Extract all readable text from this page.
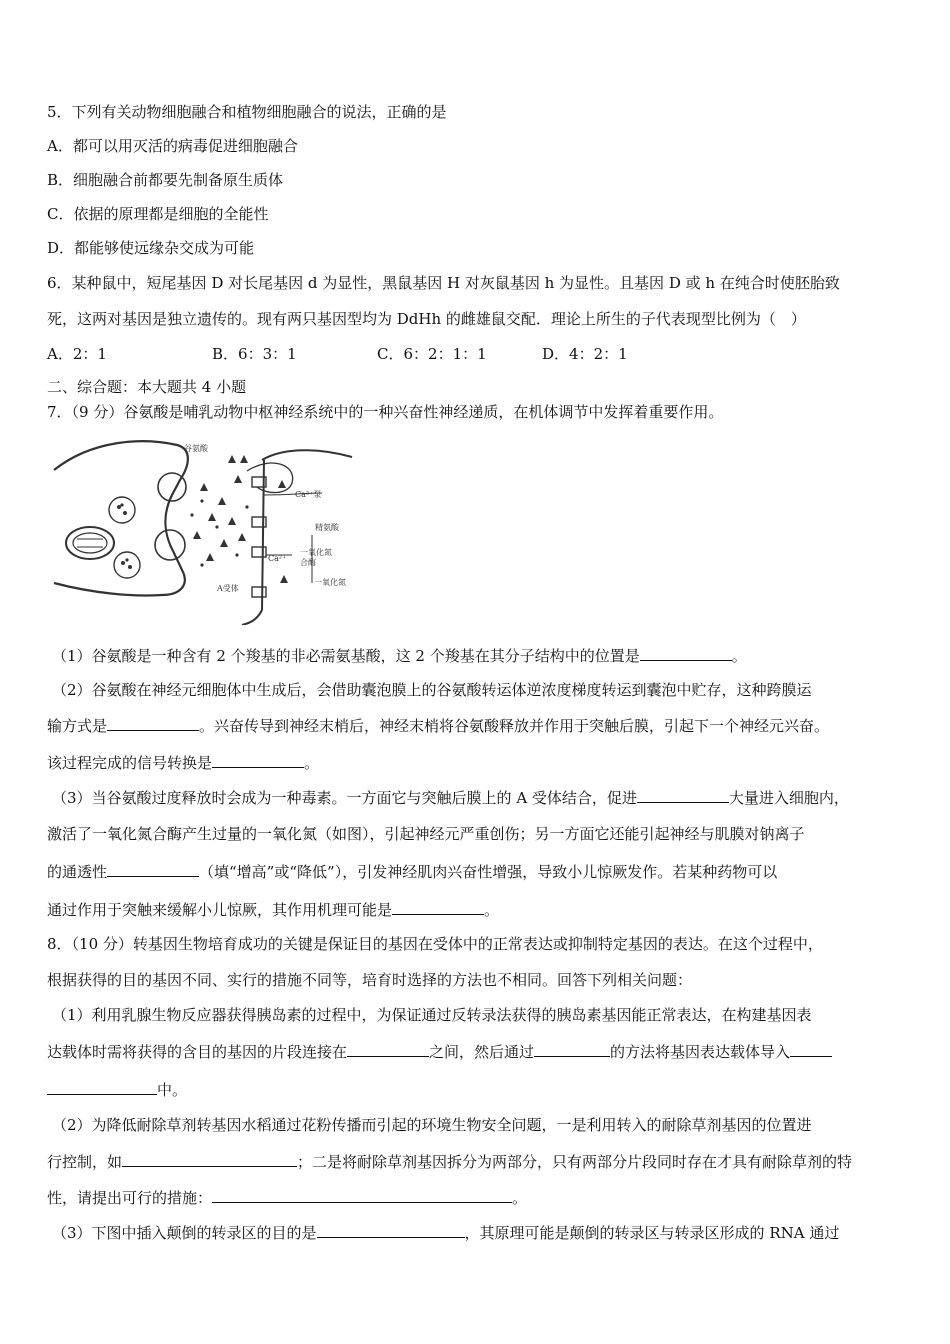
5．下列有关动物细胞融合和植物细胞融合的说法，正确的是
A．都可以用灭活的病毒促进细胞融合
B．细胞融合前都要先制备原生质体
C．依据的原理都是细胞的全能性
D．都能够使远缘杂交成为可能
6．某种鼠中，短尾基因 D 对长尾基因 d 为显性，黑鼠基因 H 对灰鼠基因 h 为显性。且基因 D 或 h 在纯合时使胚胎致
死，这两对基因是独立遗传的。现有两只基因型均为 DdHh 的雌雄鼠交配．理论上所生的子代表现型比例为（　）
A．2：1	B．6：3：1	C．6：2：1：1	D．4：2：1
二、综合题：本大题共 4 小题
7．（9 分）谷氨酸是哺乳动物中枢神经系统中的一种兴奋性神经递质，在机体调节中发挥着重要作用。
谷氨酸
Ca²⁺泵
精氨酸
Ca²⁺
一氧化氮
合酶
一氧化氮
A受体
（1）谷氨酸是一种含有 2 个羧基的非必需氨基酸，这 2 个羧基在其分子结构中的位置是	。
（2）谷氨酸在神经元细胞体中生成后，会借助囊泡膜上的谷氨酸转运体逆浓度梯度转运到囊泡中贮存，这种跨膜运
输方式是	。兴奋传导到神经末梢后，神经末梢将谷氨酸释放并作用于突触后膜，引起下一个神经元兴奋。
该过程完成的信号转换是	。
（3）当谷氨酸过度释放时会成为一种毒素。一方面它与突触后膜上的 A 受体结合，促进	大量进入细胞内，
激活了一氧化氮合酶产生过量的一氧化氮（如图），引起神经元严重创伤；另一方面它还能引起神经与肌膜对钠离子
的通透性	（填“增高”或“降低”），引发神经肌肉兴奋性增强，导致小儿惊厥发作。若某种药物可以
通过作用于突触来缓解小儿惊厥，其作用机理可能是	。
8．（10 分）转基因生物培育成功的关键是保证目的基因在受体中的正常表达或抑制特定基因的表达。在这个过程中，
根据获得的目的基因不同、实行的措施不同等，培育时选择的方法也不相同。回答下列相关问题：
（1）利用乳腺生物反应器获得胰岛素的过程中，为保证通过反转录法获得的胰岛素基因能正常表达，在构建基因表
达载体时需将获得的含目的基因的片段连接在	之间，然后通过	的方法将基因表达载体导入
中。
（2）为降低耐除草剂转基因水稻通过花粉传播而引起的环境生物安全问题，一是利用转入的耐除草剂基因的位置进
行控制，如	；二是将耐除草剂基因拆分为两部分，只有两部分片段同时存在才具有耐除草剂的特
性，请提出可行的措施：	。
（3）下图中插入颠倒的转录区的目的是	，其原理可能是颠倒的转录区与转录区形成的 RNA 通过
